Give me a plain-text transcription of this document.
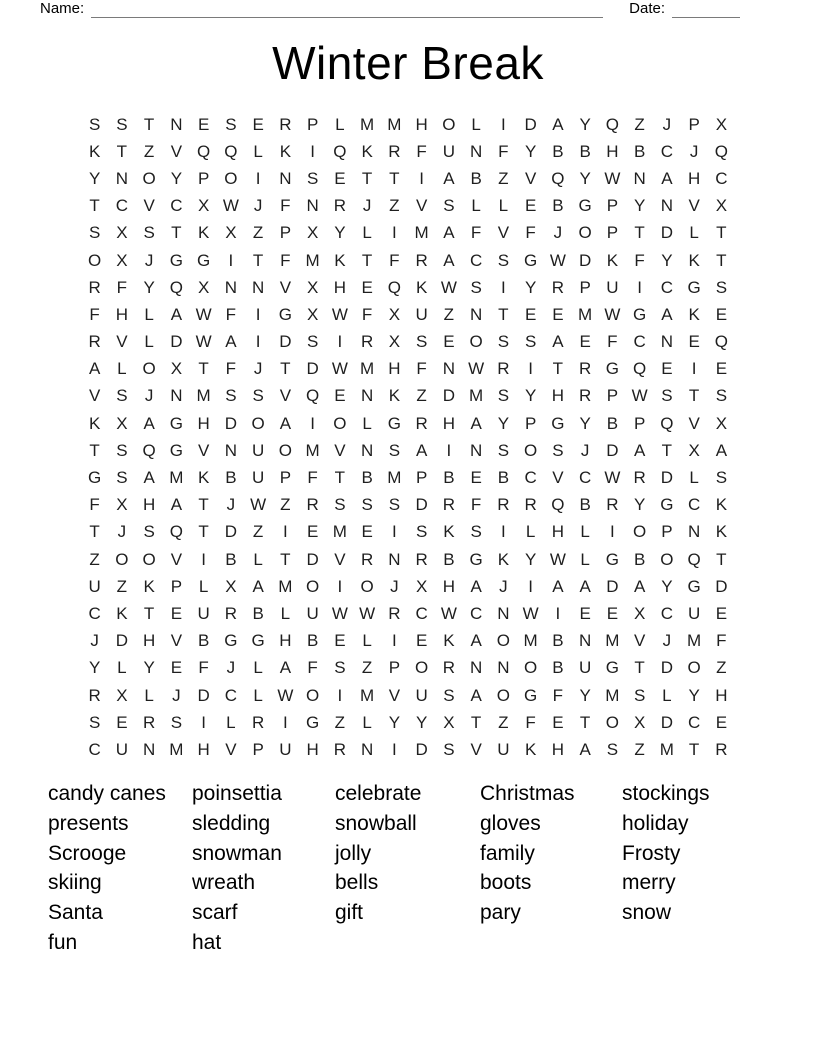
Name:	Date:
Winter Break
S S T N E S E R P L M M H O L	I	D A Y Q Z	J	P X
K T Z V Q Q L K	I	Q K R F U N F Y B B H B C J Q
Y N O Y P O	I	N S E T T	I	A B Z V Q Y W N A H C
T C V C X W J	F N R J	Z V S L	L E B G P Y N V X
S X S T K X Z P X Y L	I	M A F V F	J O P T D L	T
O X	J G G	I	T F M K T F R A C S G W D K F Y K T
R F Y Q X N N V X H E Q K W S	I	Y R P U	I	C G S
F H L A W F	I	G X W F X U Z N T E E M W G A K E
R V L D W A	I	D S	I	R X S E O S S A E F C N E Q
A L O X T F	J	T D W M H F N W R	I	T R G Q E	I	E
V S	J N M S S V Q E N K Z D M S Y H R P W S T S
K X A G H D O A	I	O L G R H A Y P G Y B P Q V X
T S Q G V N U O M V N S A	I	N S O S	J D A T X A
G S A M K B U P F T B M P B E B C V C W R D L S
F X H A T	J W Z R S S S D R F R R Q B R Y G C K
T	J	S Q T D Z	I	E M E	I	S K S	I	L H L	I	O P N K
Z O O V	I	B L	T D V R N R B G K Y W L G B O Q T
U Z K P L X A M O	I	O J	X H A	J	I	A A D A Y G D
C K T E U R B L U W W R C W C N W I	E E X C U E
J D H V B G G H B E L	I	E K A O M B N M V	J M F
Y L Y E F	J	L A F S Z P O R N N O B U G T D O Z
R X L	J D C L W O	I	M V U S A O G F Y M S L Y H
S E R S	I	L R	I	G Z	L Y Y X T Z F E T O X D C E
C U N M H V P U H R N	I	D S V U K H A S Z M T R
candy canes
presents
Scrooge
skiing
Santa
fun
poinsettia
sledding
snowman
wreath
scarf
hat
celebrate
snowball
jolly
bells
gift
Christmas
gloves
family
boots
pary
stockings
holiday
Frosty
merry
snow
